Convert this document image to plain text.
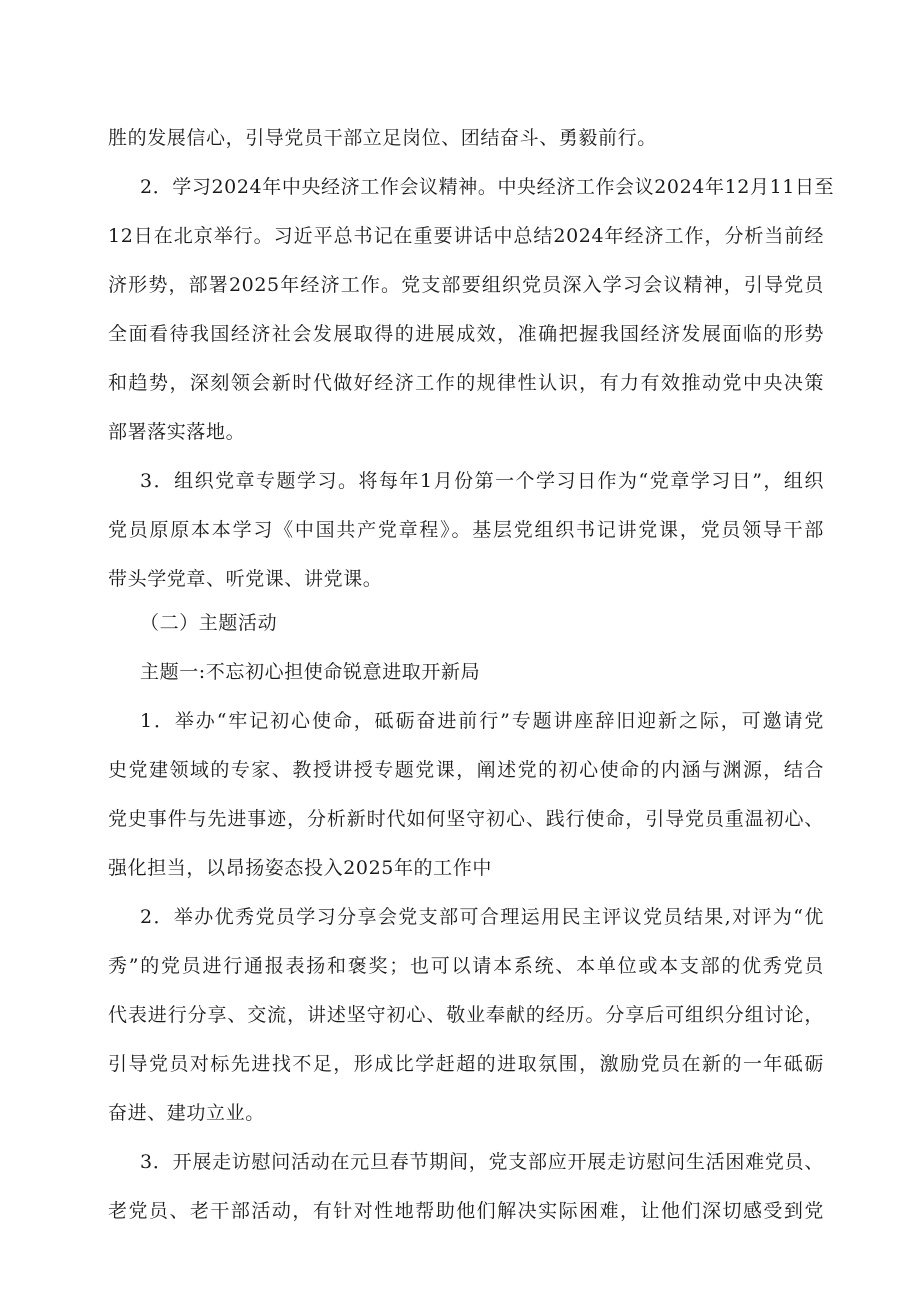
胜的发展信心，引导党员干部立足岗位、团结奋斗、勇毅前行。
2．学习2024年中央经济工作会议精神。中央经济工作会议2024年12月11日至
12日在北京举行。习近平总书记在重要讲话中总结2024年经济工作，分析当前经
济形势，部署2025年经济工作。党支部要组织党员深入学习会议精神，引导党员
全面看待我国经济社会发展取得的进展成效，准确把握我国经济发展面临的形势
和趋势，深刻领会新时代做好经济工作的规律性认识，有力有效推动党中央决策
部署落实落地。
3．组织党章专题学习。将每年1月份第一个学习日作为“党章学习日”，组织
党员原原本本学习《中国共产党章程》。基层党组织书记讲党课，党员领导干部
带头学党章、听党课、讲党课。
（二）主题活动
主题一:不忘初心担使命锐意进取开新局
1．举办“牢记初心使命，砥砺奋进前行”专题讲座辞旧迎新之际，可邀请党
史党建领域的专家、教授讲授专题党课，阐述党的初心使命的内涵与渊源，结合
党史事件与先进事迹，分析新时代如何坚守初心、践行使命，引导党员重温初心、
强化担当，以昂扬姿态投入2025年的工作中
2．举办优秀党员学习分享会党支部可合理运用民主评议党员结果,对评为“优
秀”的党员进行通报表扬和褒奖；也可以请本系统、本单位或本支部的优秀党员
代表进行分享、交流，讲述坚守初心、敬业奉献的经历。分享后可组织分组讨论，
引导党员对标先进找不足，形成比学赶超的进取氛围，激励党员在新的一年砥砺
奋进、建功立业。
3．开展走访慰问活动在元旦春节期间，党支部应开展走访慰问生活困难党员、
老党员、老干部活动，有针对性地帮助他们解决实际困难，让他们深切感受到党
